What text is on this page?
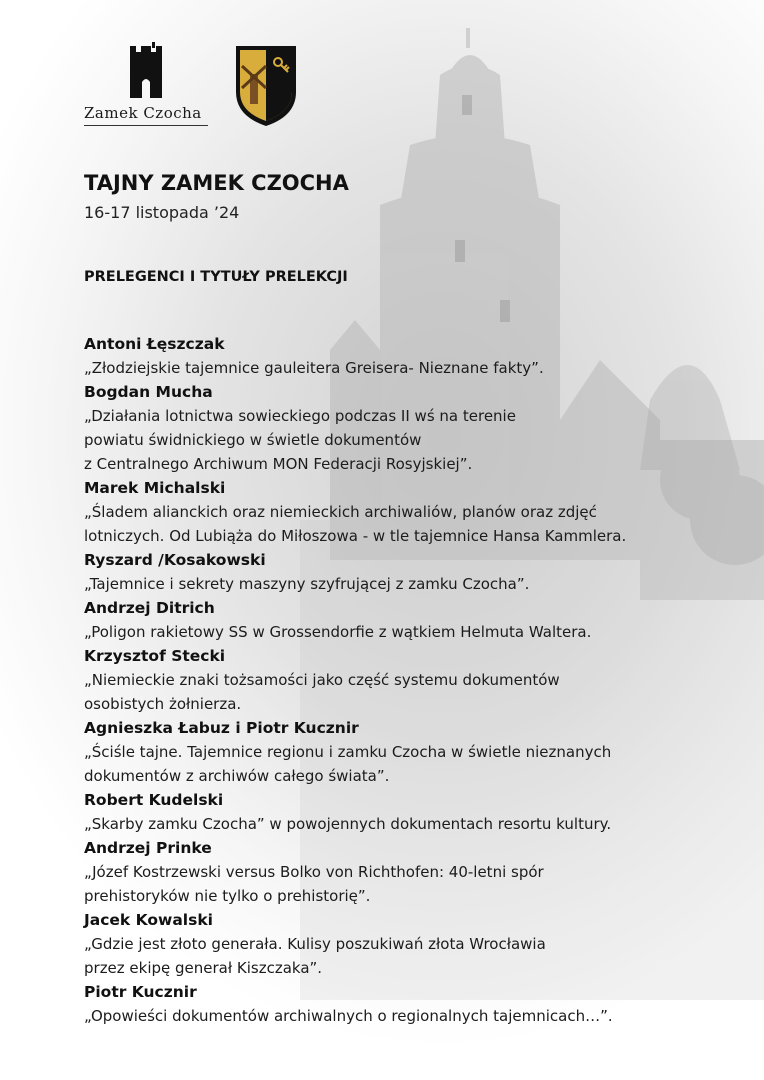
Zamek Czocha
TAJNY ZAMEK CZOCHA
16-17 listopada ’24
PRELEGENCI I TYTUŁY PRELEKCJI
Antoni Łęszczak
„Złodziejskie tajemnice gauleitera Greisera- Nieznane fakty”.
Bogdan Mucha
„Działania lotnictwa sowieckiego podczas II wś na terenie
powiatu świdnickiego w świetle dokumentów
z Centralnego Archiwum MON Federacji Rosyjskiej”.
Marek Michalski
„Śladem alianckich oraz niemieckich archiwaliów, planów oraz zdjęć
lotniczych. Od Lubiąża do Miłoszowa - w tle tajemnice Hansa Kammlera.
Ryszard /Kosakowski
„Tajemnice i sekrety maszyny szyfrującej z zamku Czocha”.
Andrzej Ditrich
„Poligon rakietowy SS w Grossendorfie z wątkiem Helmuta Waltera.
Krzysztof Stecki
„Niemieckie znaki tożsamości jako część systemu dokumentów
osobistych żołnierza.
Agnieszka Łabuz i Piotr Kucznir
„Ściśle tajne. Tajemnice regionu i zamku Czocha w świetle nieznanych
dokumentów z archiwów całego świata”.
Robert Kudelski
„Skarby zamku Czocha” w powojennych dokumentach resortu kultury.
Andrzej Prinke
„Józef Kostrzewski versus Bolko von Richthofen: 40-letni spór
prehistoryków nie tylko o prehistorię”.
Jacek Kowalski
„Gdzie jest złoto generała. Kulisy poszukiwań złota Wrocławia
przez ekipę generał Kiszczaka”.
Piotr Kucznir
„Opowieści dokumentów archiwalnych o regionalnych tajemnicach…”.
